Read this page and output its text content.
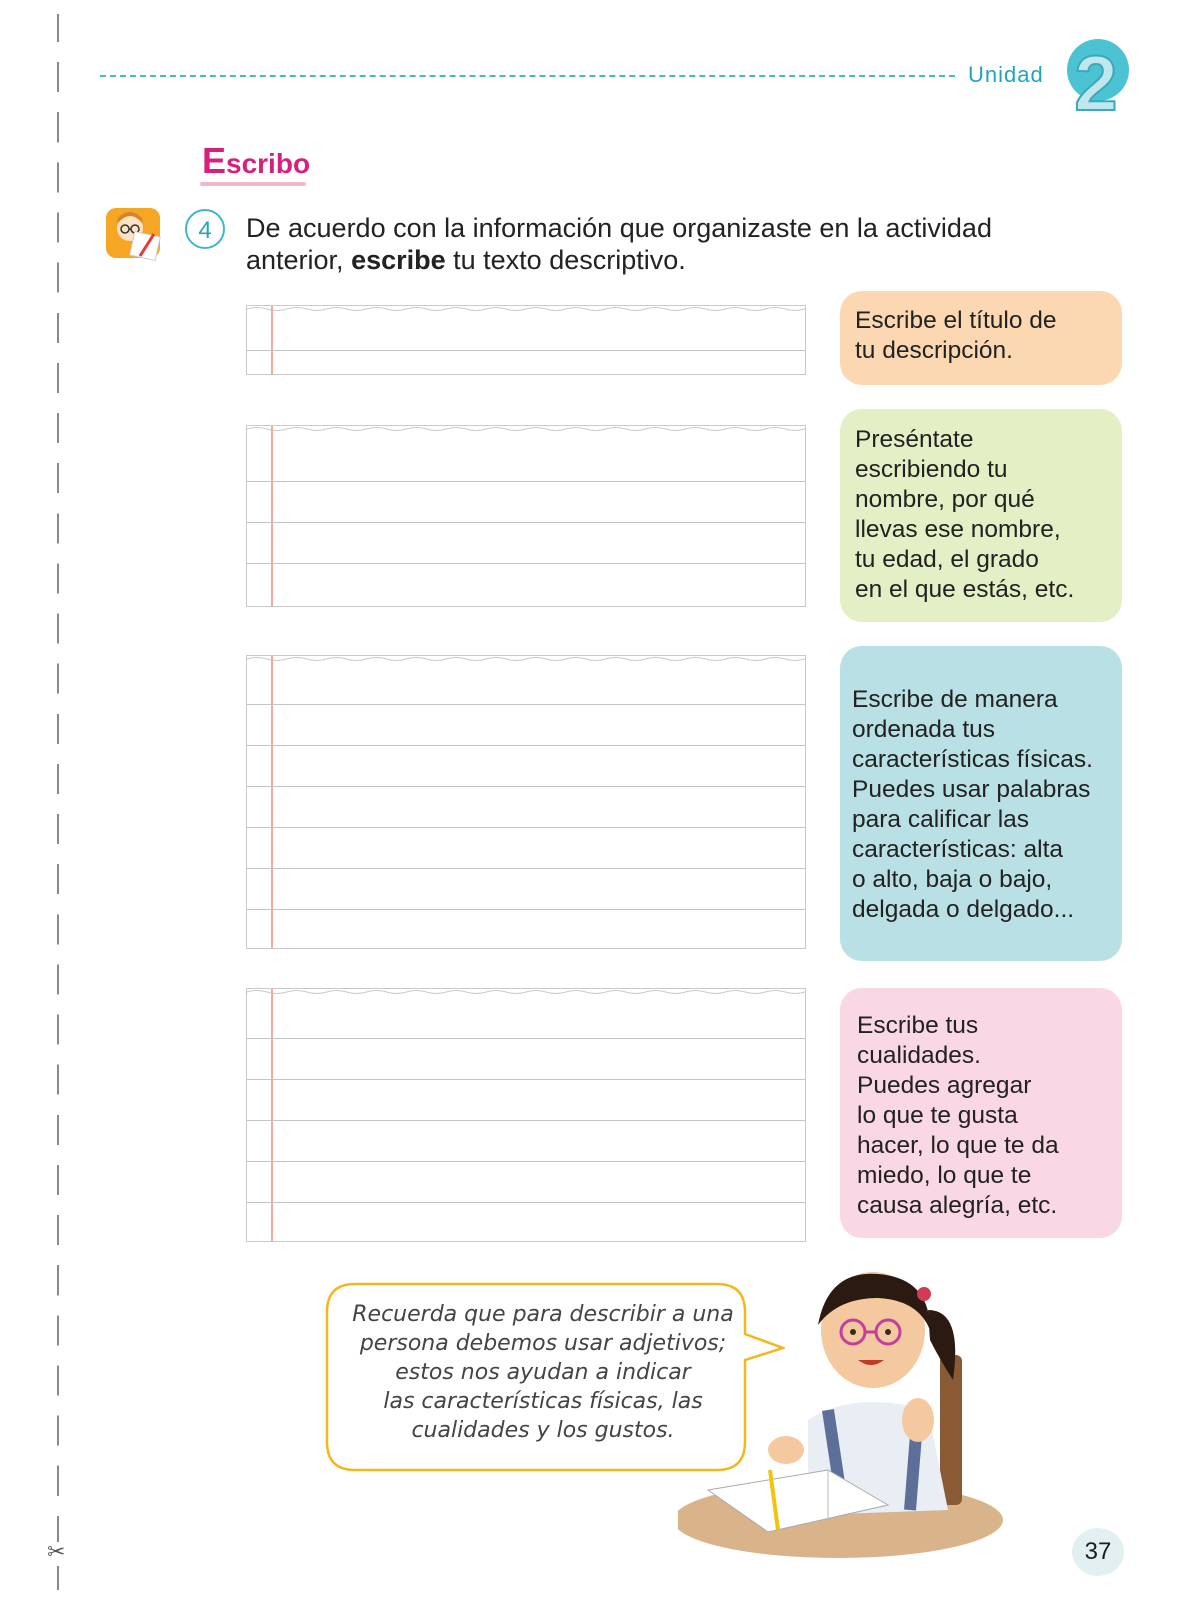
✂
Unidad 2
Escribo
4	De acuerdo con la información que organizaste en la actividad anterior, escribe tu texto descriptivo.
Escribe el título de
tu descripción.
Preséntate
escribiendo tu
nombre, por qué
llevas ese nombre,
tu edad, el grado
en el que estás, etc.
Escribe de manera
ordenada tus
características físicas.
Puedes usar palabras
para calificar las
características: alta
o alto, baja o bajo,
delgada o delgado...
Escribe tus
cualidades.
Puedes agregar
lo que te gusta
hacer, lo que te da
miedo, lo que te
causa alegría, etc.
Recuerda que para describir a una
persona debemos usar adjetivos;
estos nos ayudan a indicar
las características físicas, las
cualidades y los gustos.
37
